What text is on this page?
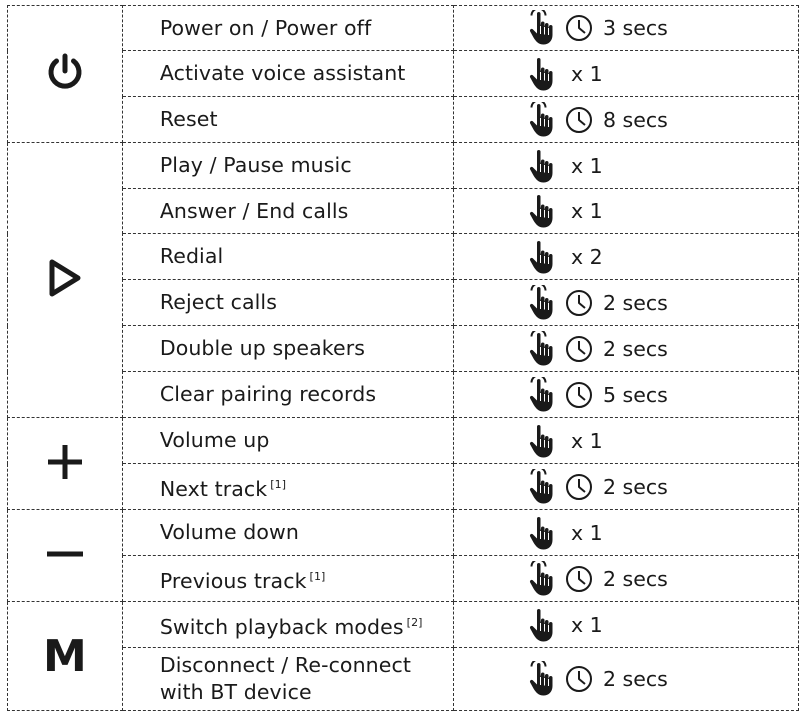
	Power on / Power off	3 secs

	Activate voice assistant	x 1

	Reset	8 secs

	Play / Pause music	x 1

	Answer / End calls	x 1

	Redial	x 2

	Reject calls	2 secs

	Double up speakers	2 secs

	Clear pairing records	5 secs

	Volume up	x 1

	Next track [1]	2 secs

	Volume down	x 1

	Previous track [1]	2 secs

M	Switch playback modes [2]	x 1

	Disconnect / Re-connect
with BT device	2 secs
